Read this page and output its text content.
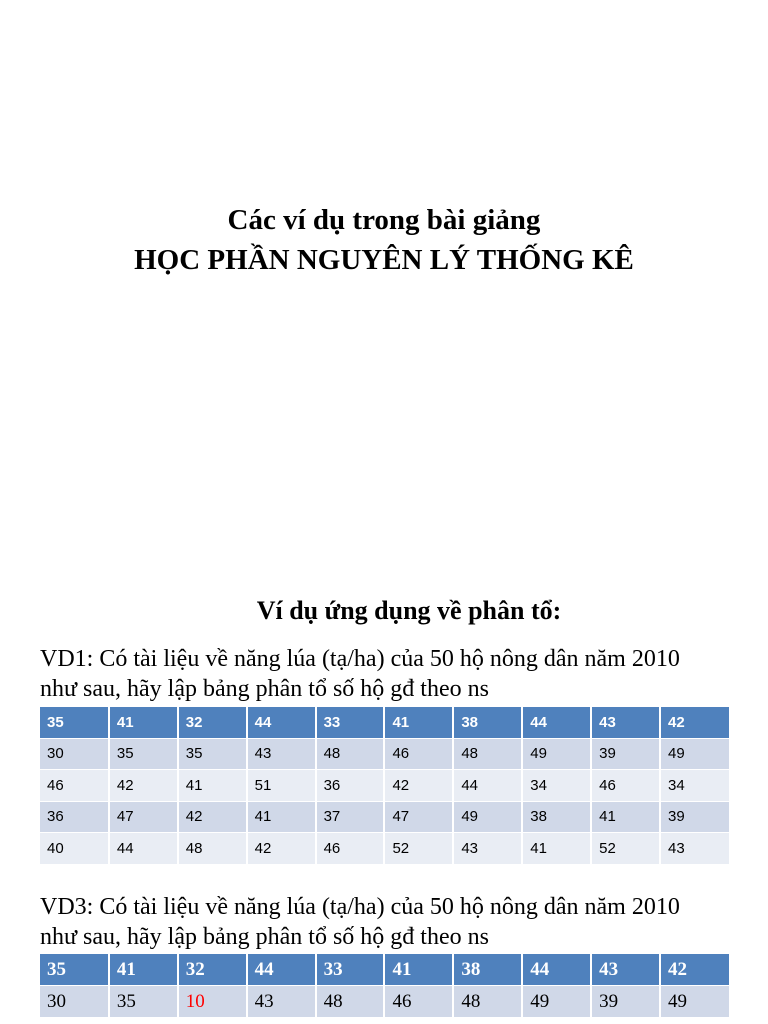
Các ví dụ trong bài giảng
HỌC PHẦN NGUYÊN LÝ THỐNG KÊ
Ví dụ ứng dụng về phân tổ:
VD1: Có tài liệu về năng lúa (tạ/ha) của 50 hộ nông dân năm 2010
như sau, hãy lập bảng phân tổ số hộ gđ theo ns
35	41	32	44	33	41	38	44	43	42
30	35	35	43	48	46	48	49	39	49
46	42	41	51	36	42	44	34	46	34
36	47	42	41	37	47	49	38	41	39
40	44	48	42	46	52	43	41	52	43
VD3: Có tài liệu về năng lúa (tạ/ha) của 50 hộ nông dân năm 2010
như sau, hãy lập bảng phân tổ số hộ gđ theo ns
35	41	32	44	33	41	38	44	43	42
30	35	10	43	48	46	48	49	39	49
